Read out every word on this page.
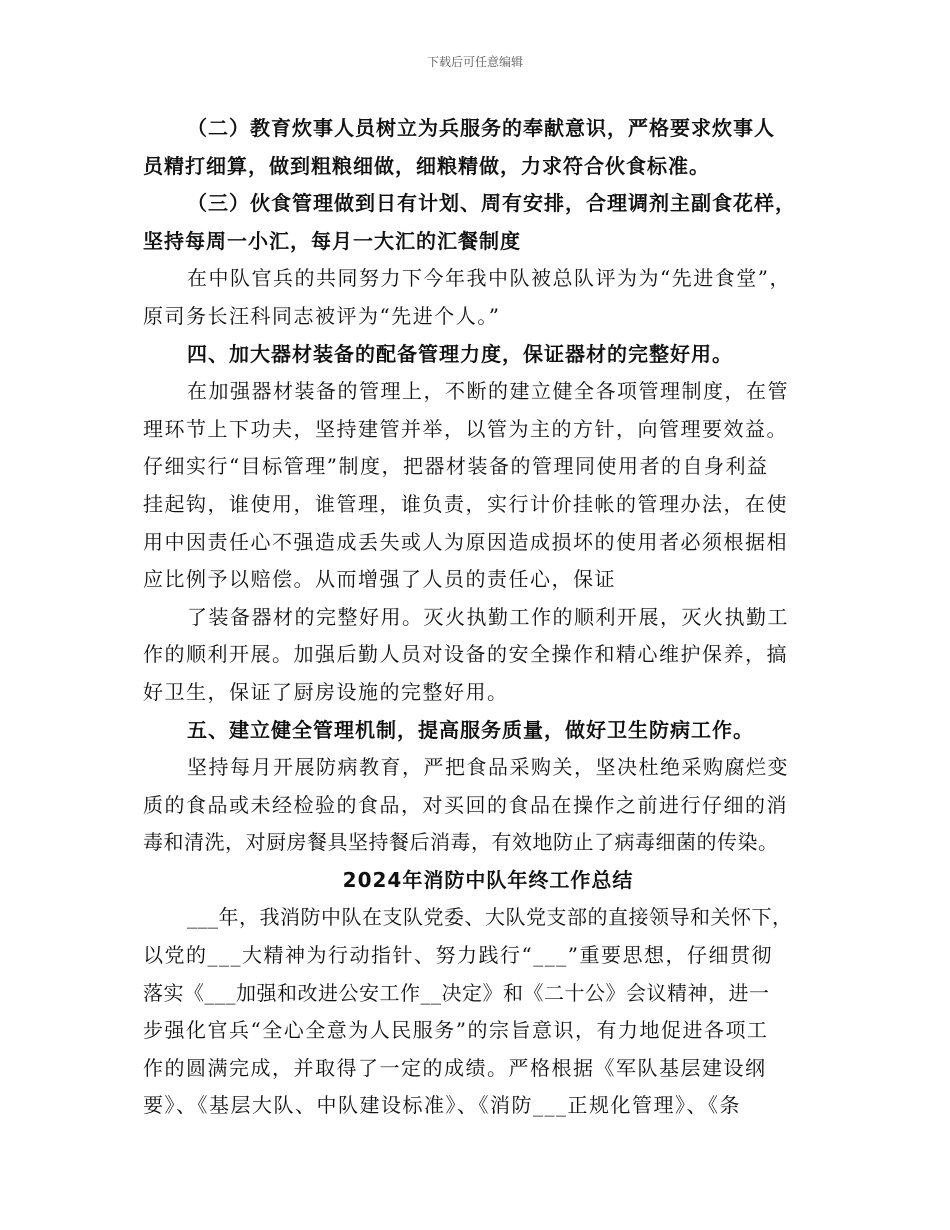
下载后可任意编辑
（二）教育炊事人员树立为兵服务的奉献意识，严格要求炊事人
员精打细算，做到粗粮细做，细粮精做，力求符合伙食标准。
（三）伙食管理做到日有计划、周有安排，合理调剂主副食花样，
坚持每周一小汇，每月一大汇的汇餐制度
在中队官兵的共同努力下今年我中队被总队评为为“先进食堂”，
原司务长汪科同志被评为“先进个人。”
四、加大器材装备的配备管理力度，保证器材的完整好用。
在加强器材装备的管理上，不断的建立健全各项管理制度，在管
理环节上下功夫，坚持建管并举，以管为主的方针，向管理要效益。
仔细实行“目标管理”制度，把器材装备的管理同使用者的自身利益
挂起钩，谁使用，谁管理，谁负责，实行计价挂帐的管理办法，在使
用中因责任心不强造成丢失或人为原因造成损坏的使用者必须根据相
应比例予以赔偿。从而增强了人员的责任心，保证
了装备器材的完整好用。灭火执勤工作的顺利开展，灭火执勤工
作的顺利开展。加强后勤人员对设备的安全操作和精心维护保养，搞
好卫生，保证了厨房设施的完整好用。
五、建立健全管理机制，提高服务质量，做好卫生防病工作。
坚持每月开展防病教育，严把食品采购关，坚决杜绝采购腐烂变
质的食品或未经检验的食品，对买回的食品在操作之前进行仔细的消
毒和清洗，对厨房餐具坚持餐后消毒，有效地防止了病毒细菌的传染。
2024年消防中队年终工作总结
___年，我消防中队在支队党委、大队党支部的直接领导和关怀下，
以党的___大精神为行动指针、努力践行“___”重要思想，仔细贯彻
落实《___加强和改进公安工作__决定》和《二十公》会议精神，进一
步强化官兵“全心全意为人民服务”的宗旨意识，有力地促进各项工
作的圆满完成，并取得了一定的成绩。严格根据《军队基层建设纲
要》、《基层大队、中队建设标准》、《消防___正规化管理》、《条
